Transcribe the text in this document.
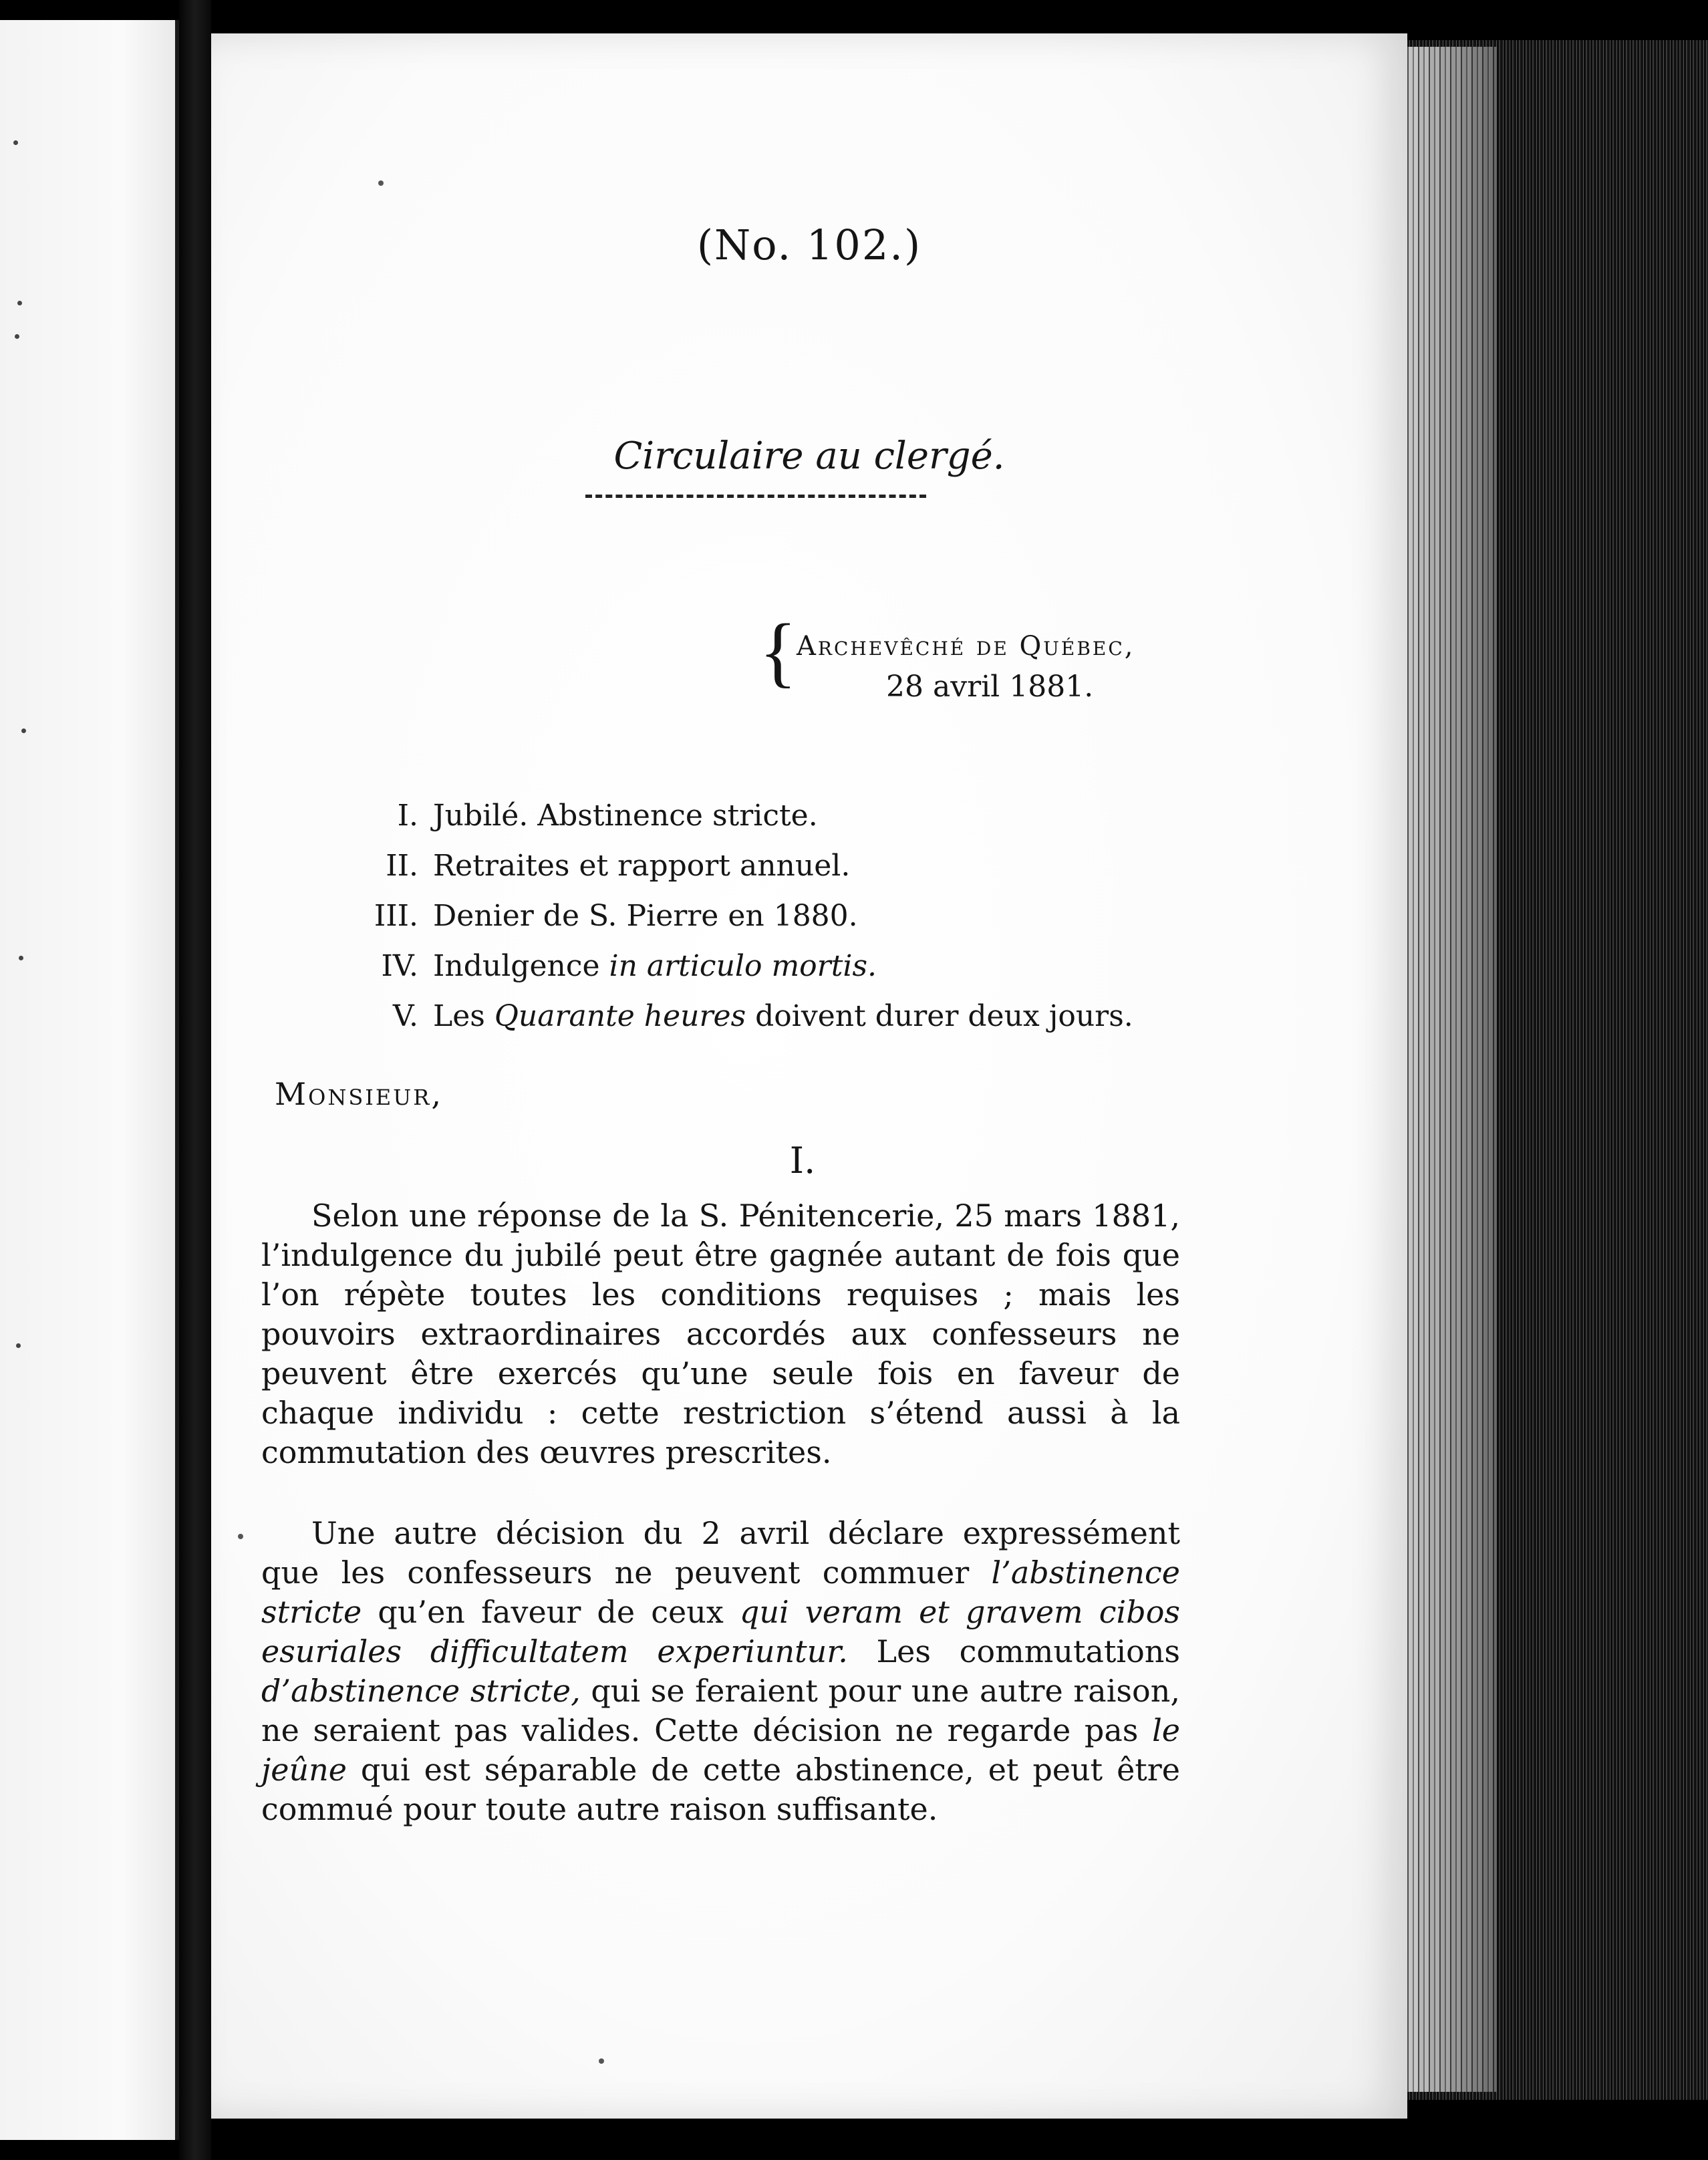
(No. 102.)
Circulaire au clergé.
{ Archevêché de Québec,
28 avril 1881.
I. Jubilé. Abstinence stricte.
II. Retraites et rapport annuel.
III. Denier de S. Pierre en 1880.
IV. Indulgence in articulo mortis.
V. Les Quarante heures doivent durer deux jours.
Monsieur,
I.

Selon une réponse de la S. Pénitencerie, 25 mars 1881, l’indulgence du jubilé peut être gagnée autant de fois que l’on répète toutes les conditions requises ; mais les pouvoirs extraordinaires accordés aux confesseurs ne peuvent être exercés qu’une seule fois en faveur de chaque individu : cette restriction s’étend aussi à la commutation des œuvres prescrites.

Une autre décision du 2 avril déclare expressément que les confesseurs ne peuvent commuer l’abstinence stricte qu’en faveur de ceux qui veram et gravem cibos esuriales difficultatem experiuntur. Les commutations d’abstinence stricte, qui se feraient pour une autre raison, ne seraient pas valides. Cette décision ne regarde pas le jeûne qui est séparable de cette abstinence, et peut être commué pour toute autre raison suffisante.
